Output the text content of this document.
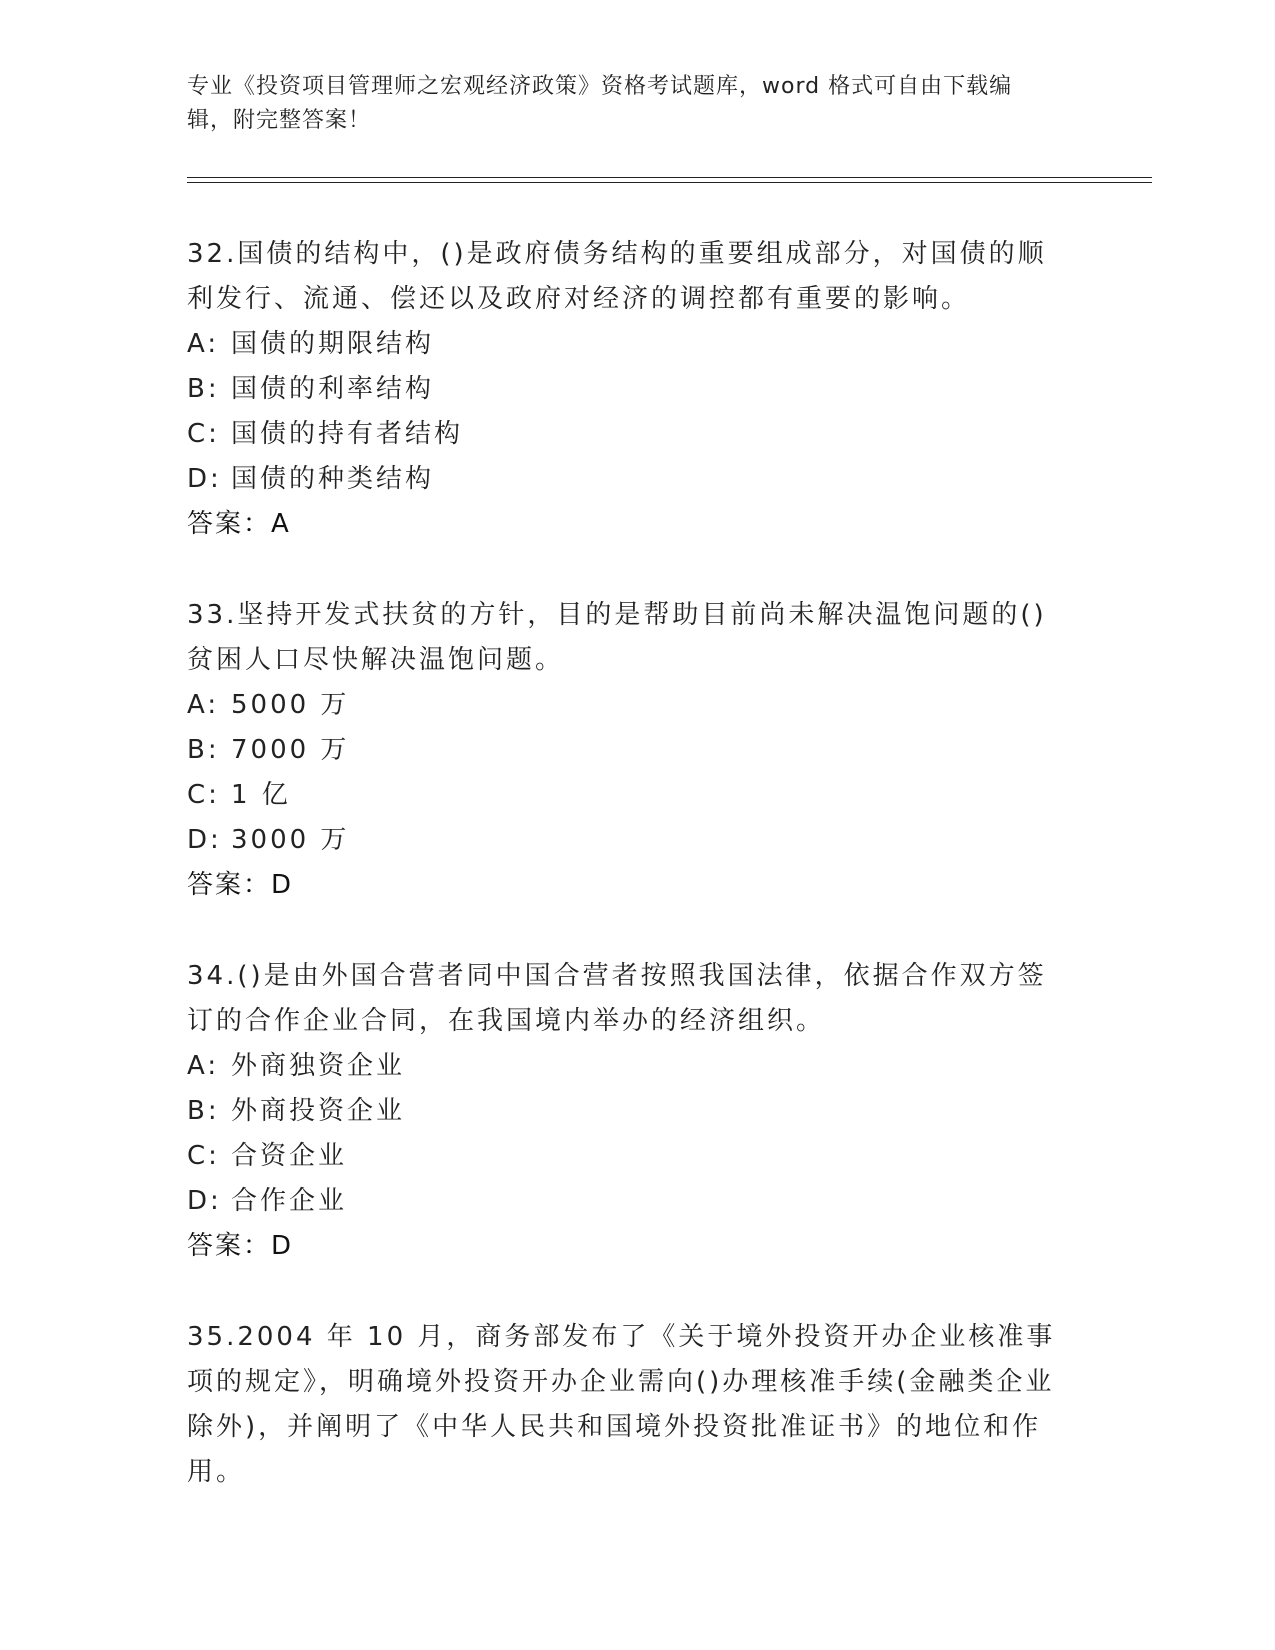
专业《投资项目管理师之宏观经济政策》资格考试题库，word 格式可自由下载编
辑，附完整答案！

32.国债的结构中，()是政府债务结构的重要组成部分，对国债的顺利发行、流通、偿还以及政府对经济的调控都有重要的影响。

A: 国债的期限结构

B: 国债的利率结构

C: 国债的持有者结构

D: 国债的种类结构

答案：A

33.坚持开发式扶贫的方针，目的是帮助目前尚未解决温饱问题的()贫困人口尽快解决温饱问题。

A: 5000 万

B: 7000 万

C: 1 亿

D: 3000 万

答案：D

34.()是由外国合营者同中国合营者按照我国法律，依据合作双方签订的合作企业合同，在我国境内举办的经济组织。

A: 外商独资企业

B: 外商投资企业

C: 合资企业

D: 合作企业

答案：D

35.2004 年 10 月，商务部发布了《关于境外投资开办企业核准事项的规定》，明确境外投资开办企业需向()办理核准手续(金融类企业除外)，并阐明了《中华人民共和国境外投资批准证书》的地位和作用。
